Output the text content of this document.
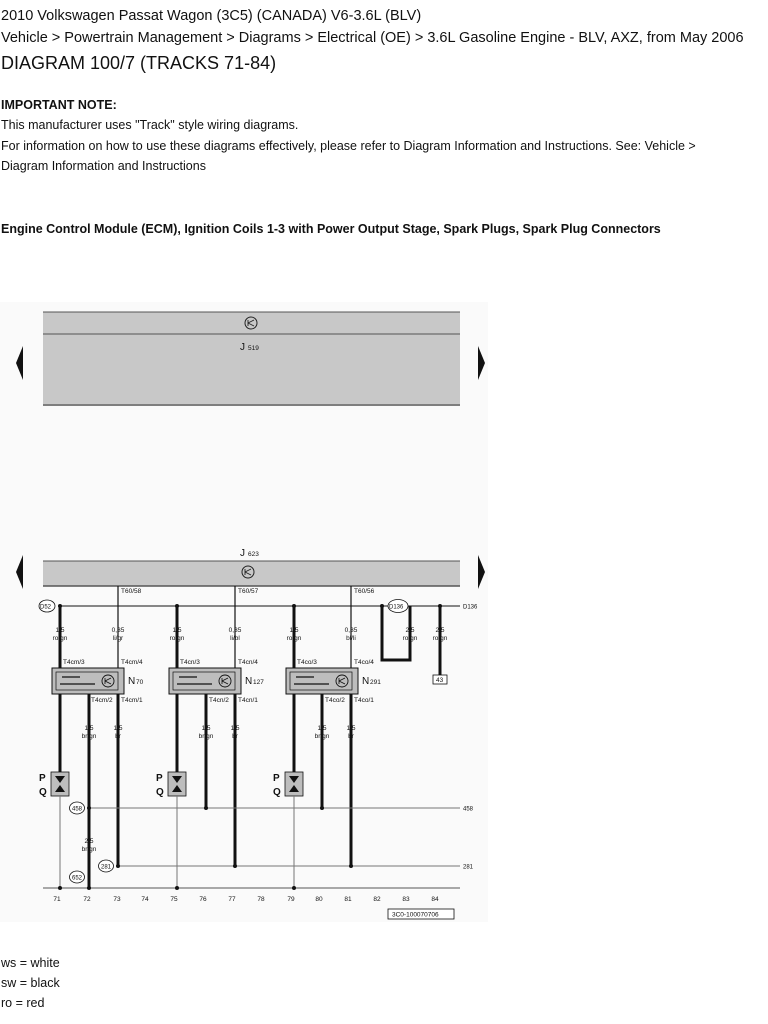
2010 Volkswagen Passat Wagon (3C5) (CANADA) V6-3.6L (BLV)
Vehicle > Powertrain Management > Diagrams > Electrical (OE) > 3.6L Gasoline Engine - BLV, AXZ, from May 2006
DIAGRAM 100/7 (TRACKS 71-84)
IMPORTANT NOTE:
This manufacturer uses "Track" style wiring diagrams.
For information on how to use these diagrams effectively, please refer to Diagram Information and Instructions. See: Vehicle >
Diagram Information and Instructions
Engine Control Module (ECM), Ignition Coils 1-3 with Power Output Stage, Spark Plugs, Spark Plug Connectors
J 519
J 623
T60/58	T60/57	T60/56
D52	D136	D136
43
1,5
ro/gn
0,35
li/gr
1,5
ro/gn
0,35
li/bl
1,5
ro/gn
0,35
bl/li
2,5
ro/gn
2,5
ro/gn
T4cm/3	T4cm/4	T4cn/3	T4cn/4	T4co/3	T4co/4
N 70	N 127	N 291
T4cm/2 T4cm/1	T4cn/2 T4cn/1	T4co/2 T4co/1
1,5
br/gn
1,5
br
1,5
br/gn
1,5
br
1,5
br/gn
1,5
br
P
Q
P
Q
P
Q
458	458
281	281
2,5
br/gn
652
71	72	73	74	75	76	77	78	79	80	81	82	83	84
3C0-100070706
ws = white
sw = black
ro = red
